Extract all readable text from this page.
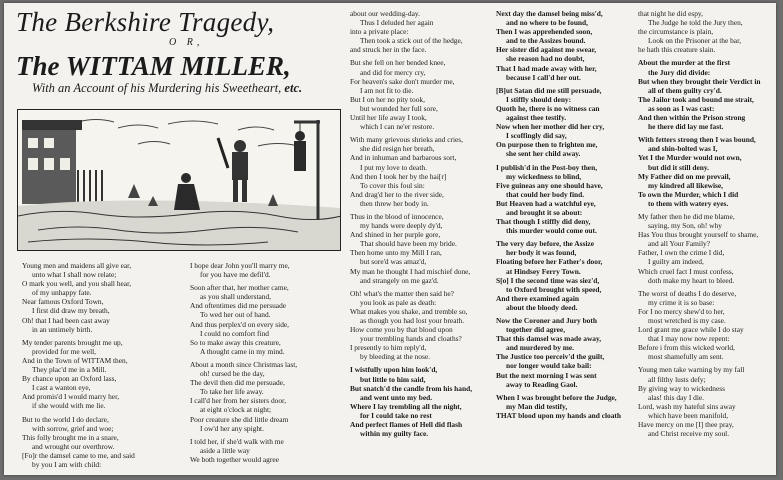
The Berkshire Tragedy,
O R,
The WITTAM MILLER,
With an Account of his Murdering his Sweetheart, etc.
Young men and maidens all give ear,
unto what I shall now relate;
O mark you well, and you shall hear,
of my unhappy fate.
Near famous Oxford Town,
I first did draw my breath,
Oh! that I had been cast away
in an untimely birth.
My tender parents brought me up,
provided for me well,
And in the Town of WITTAM then,
They plac'd me in a Mill.
By chance upon an Oxford lass,
I cast a wanton eye,
And promis'd I would marry her,
if she would with me lie.
But to the world I do declare,
with sorrow, grief and woe;
This folly brought me in a snare,
and wrought our overthrow.
[Fo]r the damsel came to me, and said
by you I am with child:
I hope dear John you'll marry me,
for you have me defil'd.
Soon after that, her mother came,
as you shall understand,
And oftentimes did me persuade
To wed her out of hand.
And thus perplex'd on every side,
I could no comfort find
So to make away this creature,
A thought came in my mind.
About a month since Christmas last,
oh! cursed be the day,
The devil then did me persuade,
To take her life away.
I call'd her from her sisters door,
at eight o'clock at night;
Poor creature she did little dream
I ow'd her any spight.
I told her, if she'd walk with me
aside a little way
We both together would agree
about our wedding-day.
Thus I deluded her again
into a private place:
Then took a stick out of the hedge,
and struck her in the face.
But she fell on her bended knee,
and did for mercy cry,
For heaven's sake don't murder me,
I am not fit to die.
But I on her no pity took,
but wounded her full sore,
Until her life away I took,
which I can ne'er restore.
With many grievous shrieks and cries,
she did resign her breath,
And in inhuman and barbarous sort,
I put my love to death.
And then I took her by the hai[r]
To cover this foul sin:
And drag'd her to the river side,
then threw her body in.
Thus in the blood of innocence,
my hands were deeply dy'd,
And shined in her purple gore,
That should have been my bride.
Then home unto my Mill I ran,
but sore'd was amaz'd,
My man he thought I had mischief done,
and strangely on me gaz'd.
Oh! what's the matter then said he?
you look as pale as death:
What makes you shake, and tremble so,
as though you had lost your breath.
How come you by that blood upon
your trembling hands and cloaths?
I presently to him reply'd,
by bleeding at the nose.
I wistfully upon him look'd,
but little to him said,
But snatch'd the candle from his hand,
and went unto my bed.
Where I lay trembling all the night,
for I could take no rest
And perfect flames of Hell did flash
within my guilty face.
Next day the damsel being miss'd,
and no where to be found,
Then I was apprehended soon,
and to the Assizes bound.
Her sister did against me swear,
she reason had no doubt,
That I had made away with her,
because I call'd her out.
[B]ut Satan did me still persuade,
I stiffly should deny:
Quoth he, there is no witness can
against thee testify.
Now when her mother did her cry,
I scoffingly did say,
On purpose then to frighten me,
she sent her child away.
I publish'd in the Post-boy then,
my wickedness to blind,
Five guineas any one should have,
that could her body find.
But Heaven had a watchful eye,
and brought it so about:
That though I stiffly did deny,
this murder would come out.
The very day before, the Assize
her body it was found,
Floating before her Father's door,
at Hindsey Ferry Town.
S[o] I the second time was siez'd,
to Oxford brought with speed,
And there examined again
about the bloody deed.
Now the Coroner and Jury both
together did agree,
That this damsel was made away,
and murdered by me.
The Justice too perceiv'd the guilt,
nor longer would take bail:
But the next morning I was sent
away to Reading Gaol.
When I was brought before the Judge,
my Man did testify,
THAT blood upon my hands and cloath
that night he did espy,
The Judge he told the Jury then,
the circumstance is plain,
Look on the Prisoner at the bar,
he hath this creature slain.
About the murder at the first
the Jury did divide:
But when they brought their Verdict in
all of them guilty cry'd.
The Jailor took and bound me strait,
as soon as I was cast:
And then within the Prison strong
he there did lay me fast.
With fetters strong then I was bound,
and shin-bolted was I,
Yet I the Murder would not own,
but did it still deny.
My Father did on me prevail,
my kindred all likewise,
To own the Murder, which I did
to them with watery eyes.
My father then he did me blame,
saying, my Son, oh! why
Has You thus brought yourself to shame,
and all Your Family?
Father, I own the crime I did,
I guilty am indeed,
Which cruel fact I must confess,
doth make my heart to bleed.
The worst of deaths I do deserve,
my crime it is so base:
For I no mercy shew'd to her,
most wretched is my case.
Lord grant me grace while I do stay
that I may now now repent:
Before i from this wicked world,
most shamefully am sent.
Young men take warning by my fall
all filthy lusts defy;
By giving way to wickedness
alas! this day I die.
Lord, wash my hateful sins away
which have been manifold,
Have mercy on me [I] thee pray,
and Christ receive my soul.
